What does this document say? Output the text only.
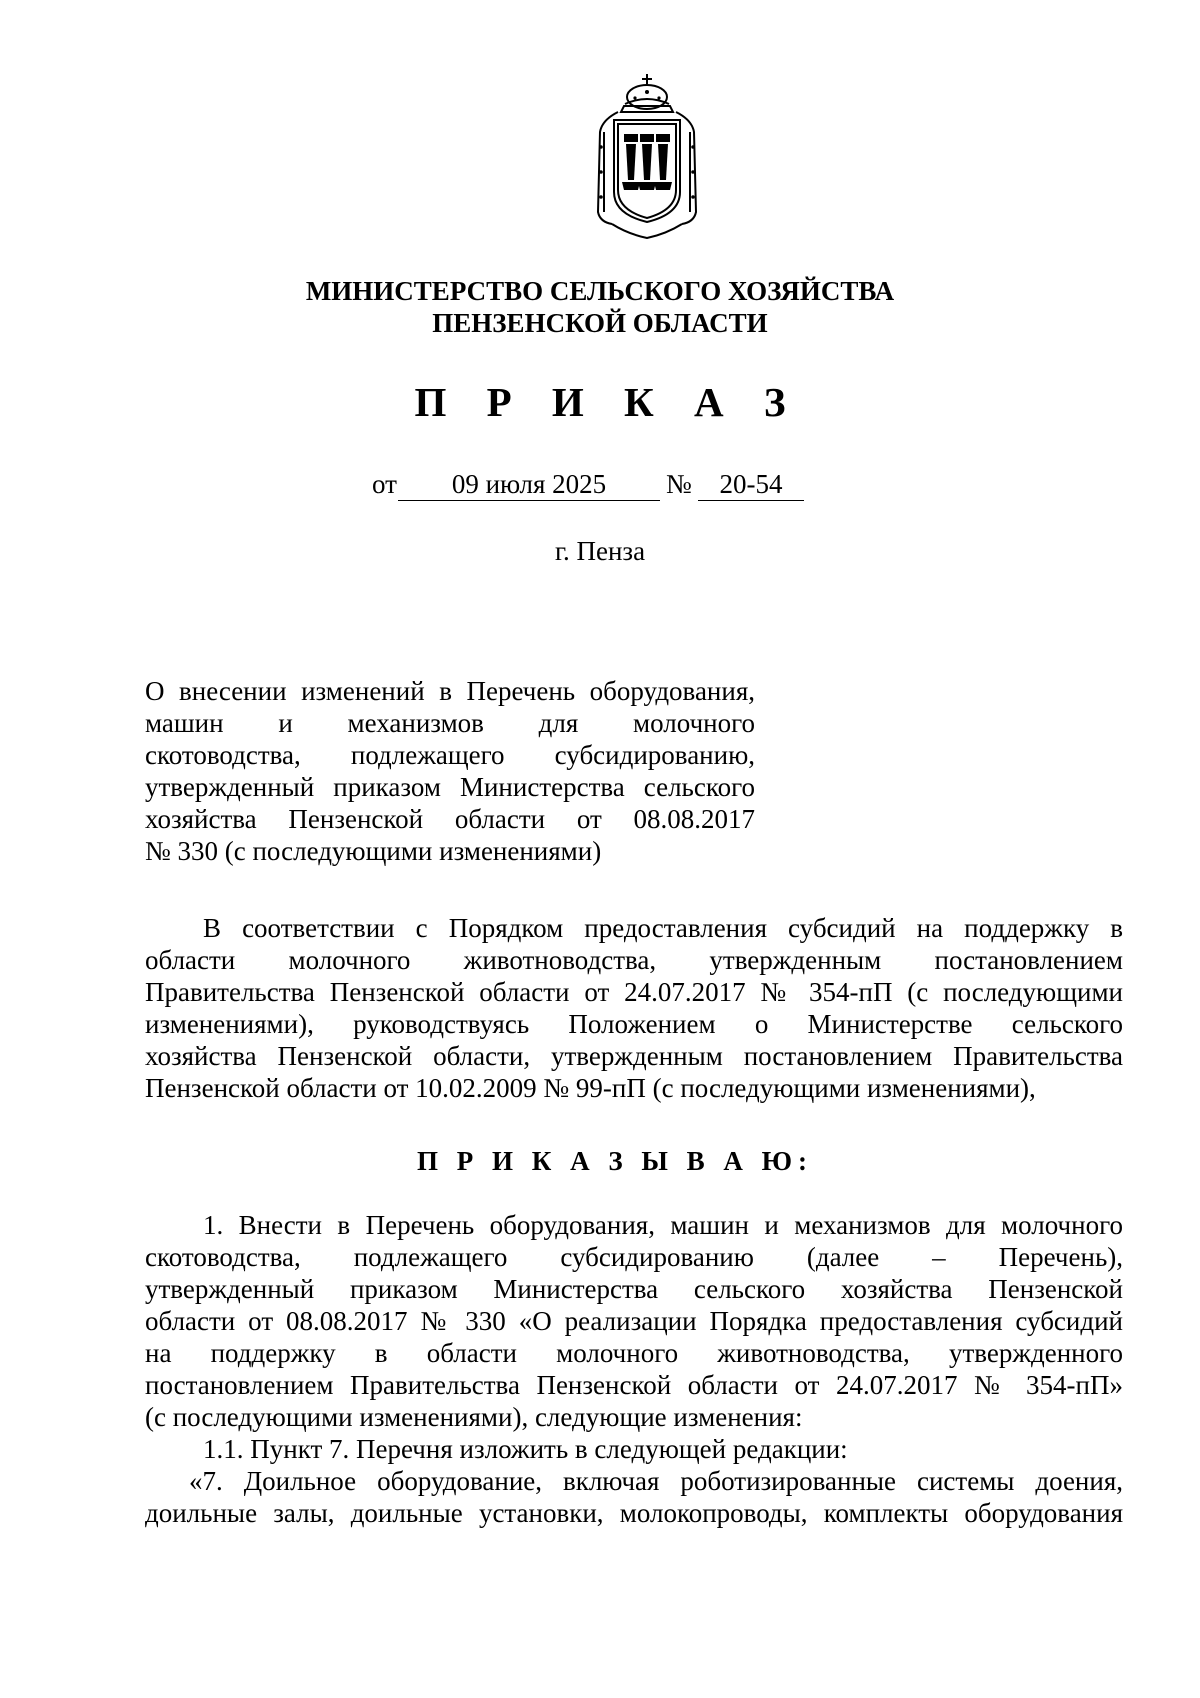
МИНИСТЕРСТВО СЕЛЬСКОГО ХОЗЯЙСТВА
ПЕНЗЕНСКОЙ ОБЛАСТИ
П Р И К А З
от	09 июля 2025	№	20-54
г. Пенза
О внесении изменений в Перечень оборудования,
машин и механизмов для молочного
скотоводства, подлежащего субсидированию,
утвержденный приказом Министерства сельского
хозяйства Пензенской области от 08.08.2017
№ 330 (с последующими изменениями)
В соответствии с Порядком предоставления субсидий на поддержку в
области молочного животноводства, утвержденным постановлением
Правительства Пензенской области от 24.07.2017 № 354-пП (с последующими
изменениями), руководствуясь Положением о Министерстве сельского
хозяйства Пензенской области, утвержденным постановлением Правительства
Пензенской области от 10.02.2009 № 99-пП (с последующими изменениями),
П Р И К А З Ы В А Ю:
1. Внести в Перечень оборудования, машин и механизмов для молочного
скотоводства, подлежащего субсидированию (далее – Перечень),
утвержденный приказом Министерства сельского хозяйства Пензенской
области от 08.08.2017 № 330 «О реализации Порядка предоставления субсидий
на поддержку в области молочного животноводства, утвержденного
постановлением Правительства Пензенской области от 24.07.2017 № 354-пП»
(с последующими изменениями), следующие изменения:
1.1. Пункт 7. Перечня изложить в следующей редакции:
«7. Доильное оборудование, включая роботизированные системы доения,
доильные залы, доильные установки, молокопроводы, комплекты оборудования
